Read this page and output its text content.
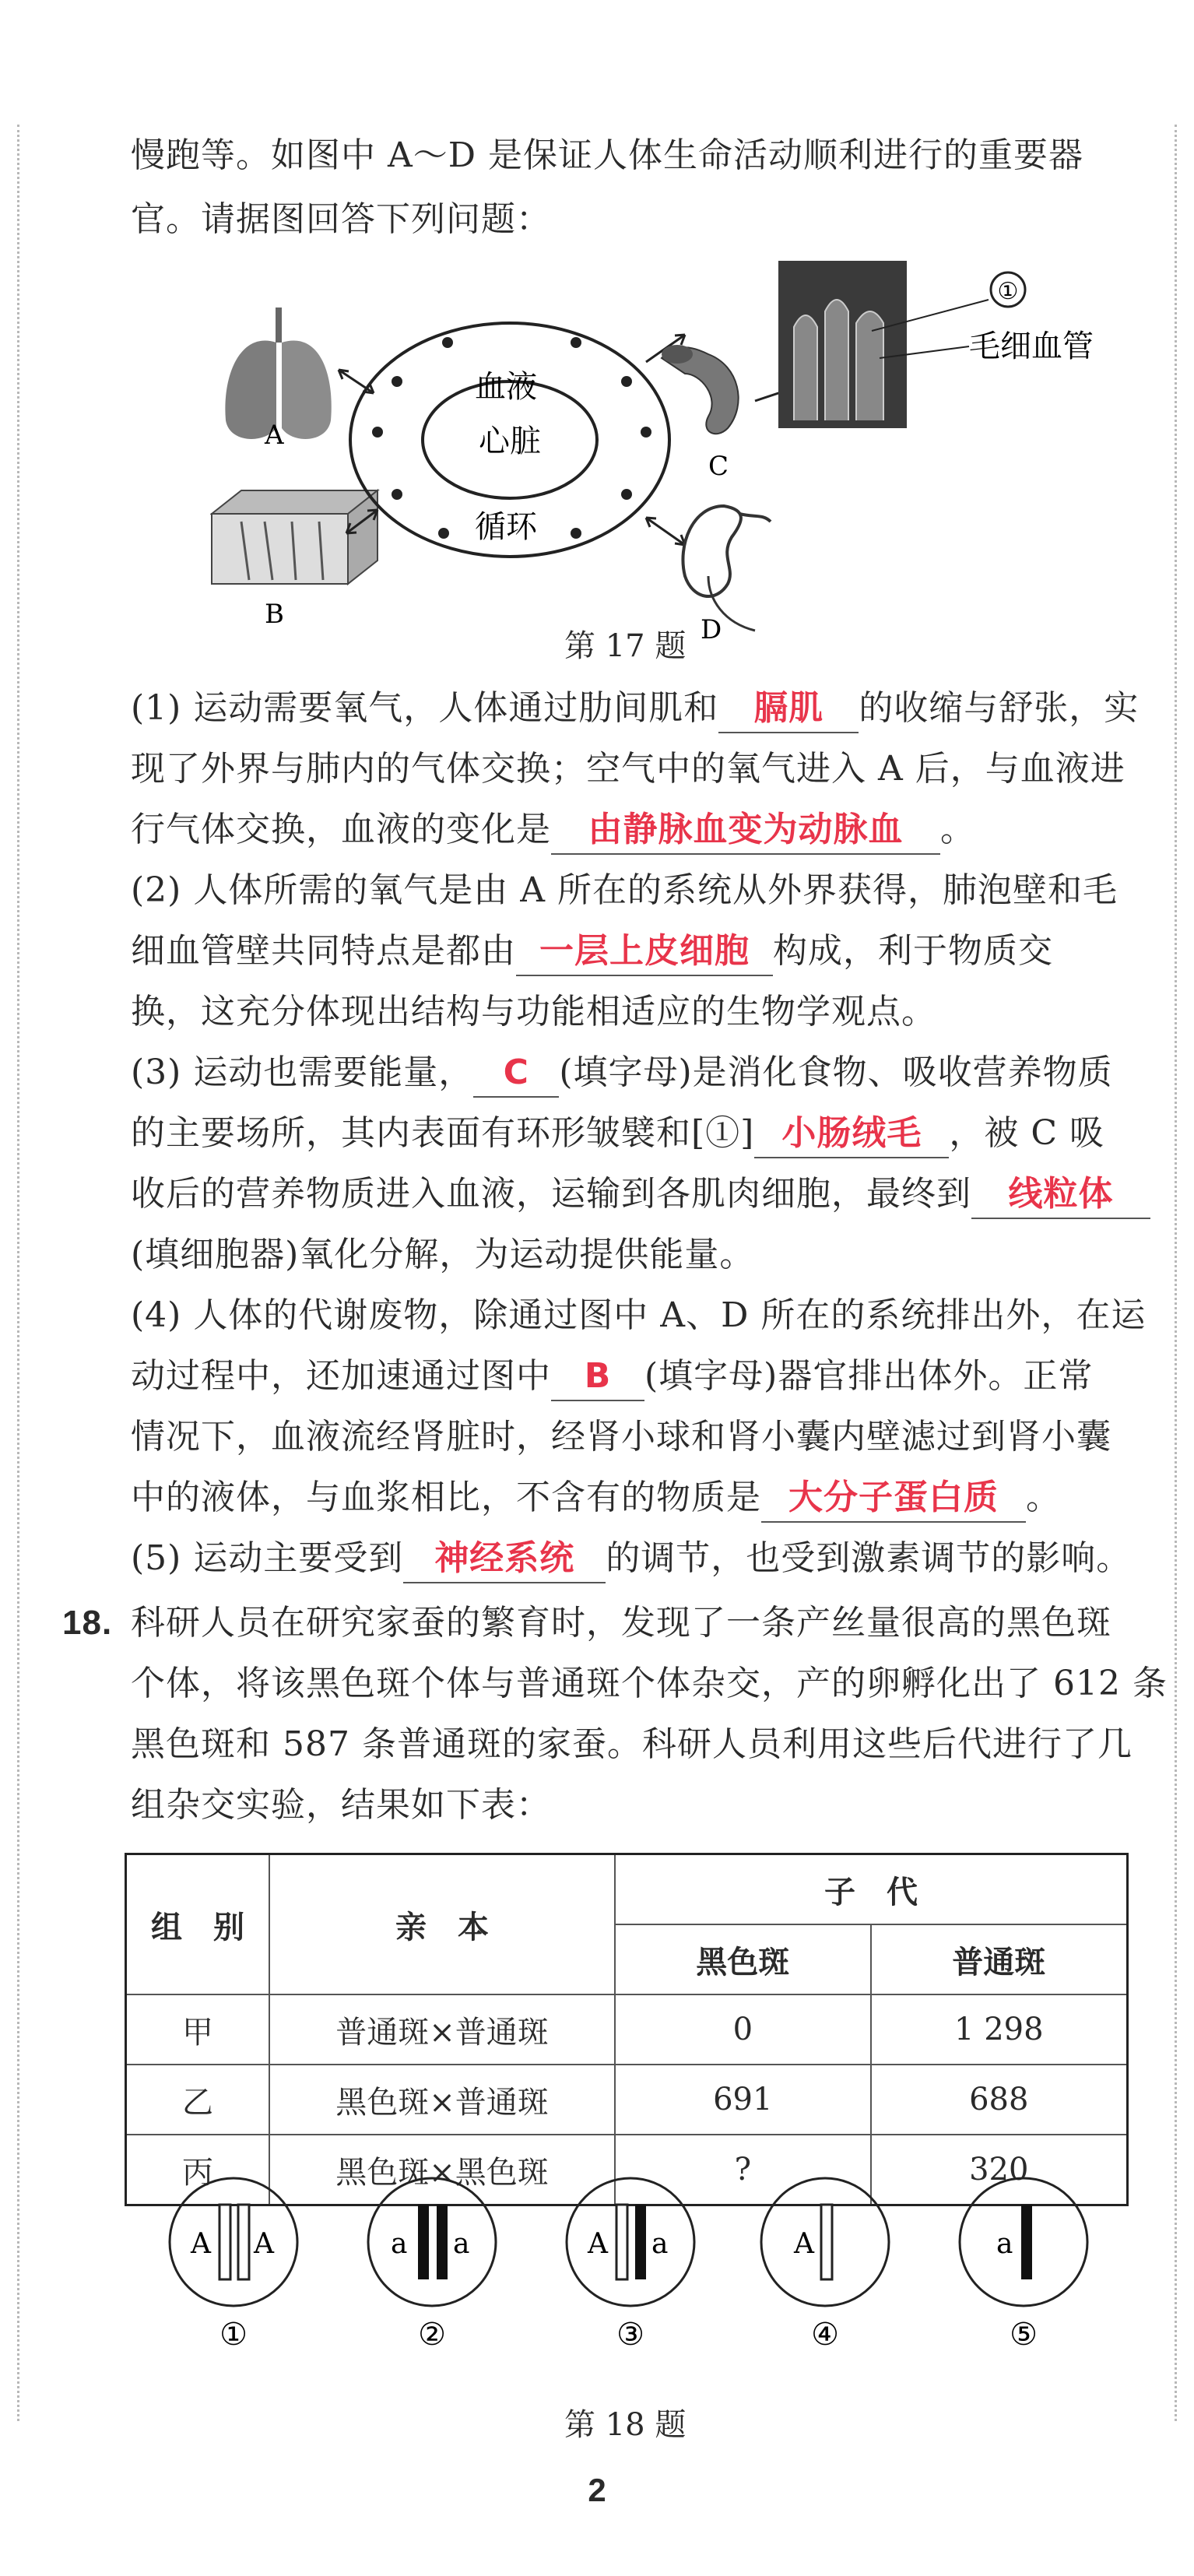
慢跑等。如图中 A～D 是保证人体生命活动顺利进行的重要器
官。请据图回答下列问题：
A
B
血液
心脏
循环
C
D
①
毛细血管
第 17 题
(1) 运动需要氧气，人体通过肋间肌和 膈肌 的收缩与舒张，实
现了外界与肺内的气体交换；空气中的氧气进入 A 后，与血液进
行气体交换，血液的变化是 由静脉血变为动脉血 。
(2) 人体所需的氧气是由 A 所在的系统从外界获得，肺泡壁和毛
细血管壁共同特点是都由 一层上皮细胞 构成，利于物质交
换，这充分体现出结构与功能相适应的生物学观点。
(3) 运动也需要能量， C (填字母)是消化食物、吸收营养物质
的主要场所，其内表面有环形皱襞和[①] 小肠绒毛 ，被 C 吸
收后的营养物质进入血液，运输到各肌肉细胞，最终到 线粒体
(填细胞器)氧化分解，为运动提供能量。
(4) 人体的代谢废物，除通过图中 A、D 所在的系统排出外，在运
动过程中，还加速通过图中 B (填字母)器官排出体外。正常
情况下，血液流经肾脏时，经肾小球和肾小囊内壁滤过到肾小囊
中的液体，与血浆相比，不含有的物质是 大分子蛋白质 。
(5) 运动主要受到 神经系统 的调节，也受到激素调节的影响。
18. 科研人员在研究家蚕的繁育时，发现了一条产丝量很高的黑色斑
个体，将该黑色斑个体与普通斑个体杂交，产的卵孵化出了 612 条
黑色斑和 587 条普通斑的家蚕。科研人员利用这些后代进行了几
组杂交实验，结果如下表：
组　别	亲　本	子　代	
		黑色斑	普通斑
甲	普通斑×普通斑	0	1 298
乙	黑色斑×普通斑	691	688
丙	黑色斑×黑色斑	?	320
A A
①
a a
②
A a
③
A
④
a
⑤
第 18 题
2
